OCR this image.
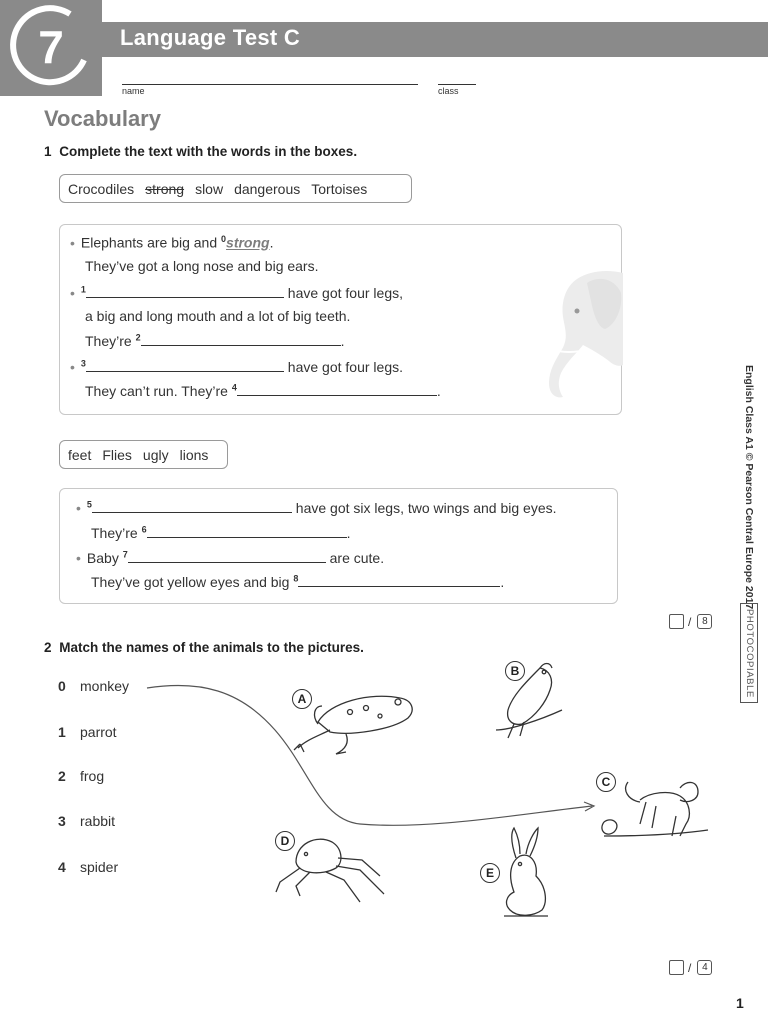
7	Language Test C
name	class
Vocabulary
1 Complete the text with the words in the boxes.
Crocodiles strong slow dangerous Tortoises
• Elephants are big and $^0$strong.
They’ve got a long nose and big ears.
• $^1$	have got four legs,
a big and long mouth and a lot of big teeth.
They’re $^2$	.
• $^3$	have got four legs.
They can’t run. They’re $^4$	.
feet Flies ugly lions
• $^5$	have got six legs, two wings and big eyes.
They’re $^6$	.
• Baby $^7$	are cute.
They’ve got yellow eyes and big $^8$	.
/	8
2 Match the names of the animals to the pictures.
0 monkey
1 parrot
2 frog
3 rabbit
4 spider
A
B
C
D
E
/	4
English Class A1 © Pearson Central Europe 2017
PHOTOCOPIABLE
1
